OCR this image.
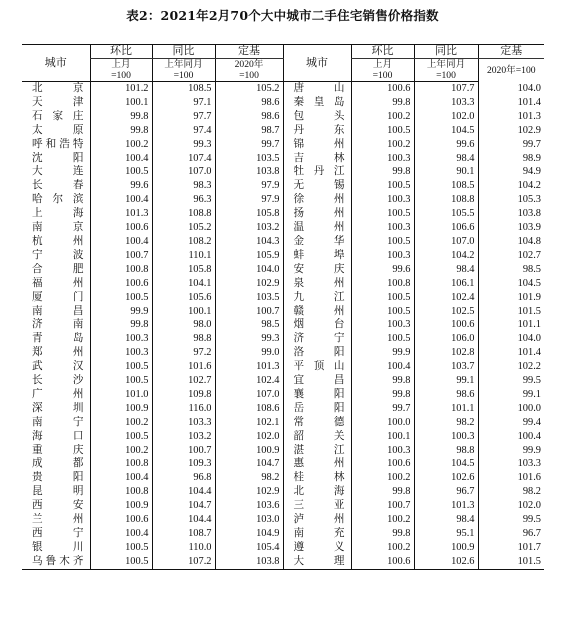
表2：2021年2月70个大中城市二手住宅销售价格指数
城市	环比	同比	定基	城市	环比	同比	定基
	上月	上年同月	2020年		上月	上年同月	2020年=100
	=100	=100	=100		=100	=100	
北京	101.2	108.5	105.2	唐山	100.6	107.7	104.0
天津	100.1	97.1	98.6	秦皇岛	99.8	103.3	101.4
石家庄	99.8	97.7	98.6	包头	100.2	102.0	101.3
太原	99.8	97.4	98.7	丹东	100.5	104.5	102.9
呼和浩特	100.2	99.3	99.7	锦州	100.2	99.6	99.7
沈阳	100.4	107.4	103.5	吉林	100.3	98.4	98.9
大连	100.5	107.0	103.8	牡丹江	99.8	90.1	94.9
长春	99.6	98.3	97.9	无锡	100.5	108.5	104.2
哈尔滨	100.4	96.3	97.9	徐州	100.3	108.8	105.3
上海	101.3	108.8	105.8	扬州	100.5	105.5	103.8
南京	100.6	105.2	103.2	温州	100.3	106.6	103.9
杭州	100.4	108.2	104.3	金华	100.5	107.0	104.8
宁波	100.7	110.1	105.9	蚌埠	100.3	104.2	102.7
合肥	100.8	105.8	104.0	安庆	99.6	98.4	98.5
福州	100.6	104.1	102.9	泉州	100.8	106.1	104.5
厦门	100.5	105.6	103.5	九江	100.5	102.4	101.9
南昌	99.9	100.1	100.7	赣州	100.5	102.5	101.5
济南	99.8	98.0	98.5	烟台	100.3	100.6	101.1
青岛	100.3	98.8	99.3	济宁	100.5	106.0	104.0
郑州	100.3	97.2	99.0	洛阳	99.9	102.8	101.4
武汉	100.5	101.6	101.3	平顶山	100.4	103.7	102.2
长沙	100.5	102.7	102.4	宜昌	99.8	99.1	99.5
广州	101.0	109.8	107.0	襄阳	99.8	98.6	99.1
深圳	100.9	116.0	108.6	岳阳	99.7	101.1	100.0
南宁	100.2	103.3	102.1	常德	100.0	98.2	99.4
海口	100.5	103.2	102.0	韶关	100.1	100.3	100.4
重庆	100.2	100.7	100.9	湛江	100.3	98.8	99.9
成都	100.8	109.3	104.7	惠州	100.6	104.5	103.3
贵阳	100.4	96.8	98.2	桂林	100.2	102.6	101.6
昆明	100.8	104.4	102.9	北海	99.8	96.7	98.2
西安	100.9	104.7	103.6	三亚	100.7	101.3	102.0
兰州	100.6	104.4	103.0	泸州	100.2	98.4	99.5
西宁	100.4	108.7	104.9	南充	99.8	95.1	96.7
银川	100.5	110.0	105.4	遵义	100.2	100.9	101.7
乌鲁木齐	100.5	107.2	103.8	大理	100.6	102.6	101.5
